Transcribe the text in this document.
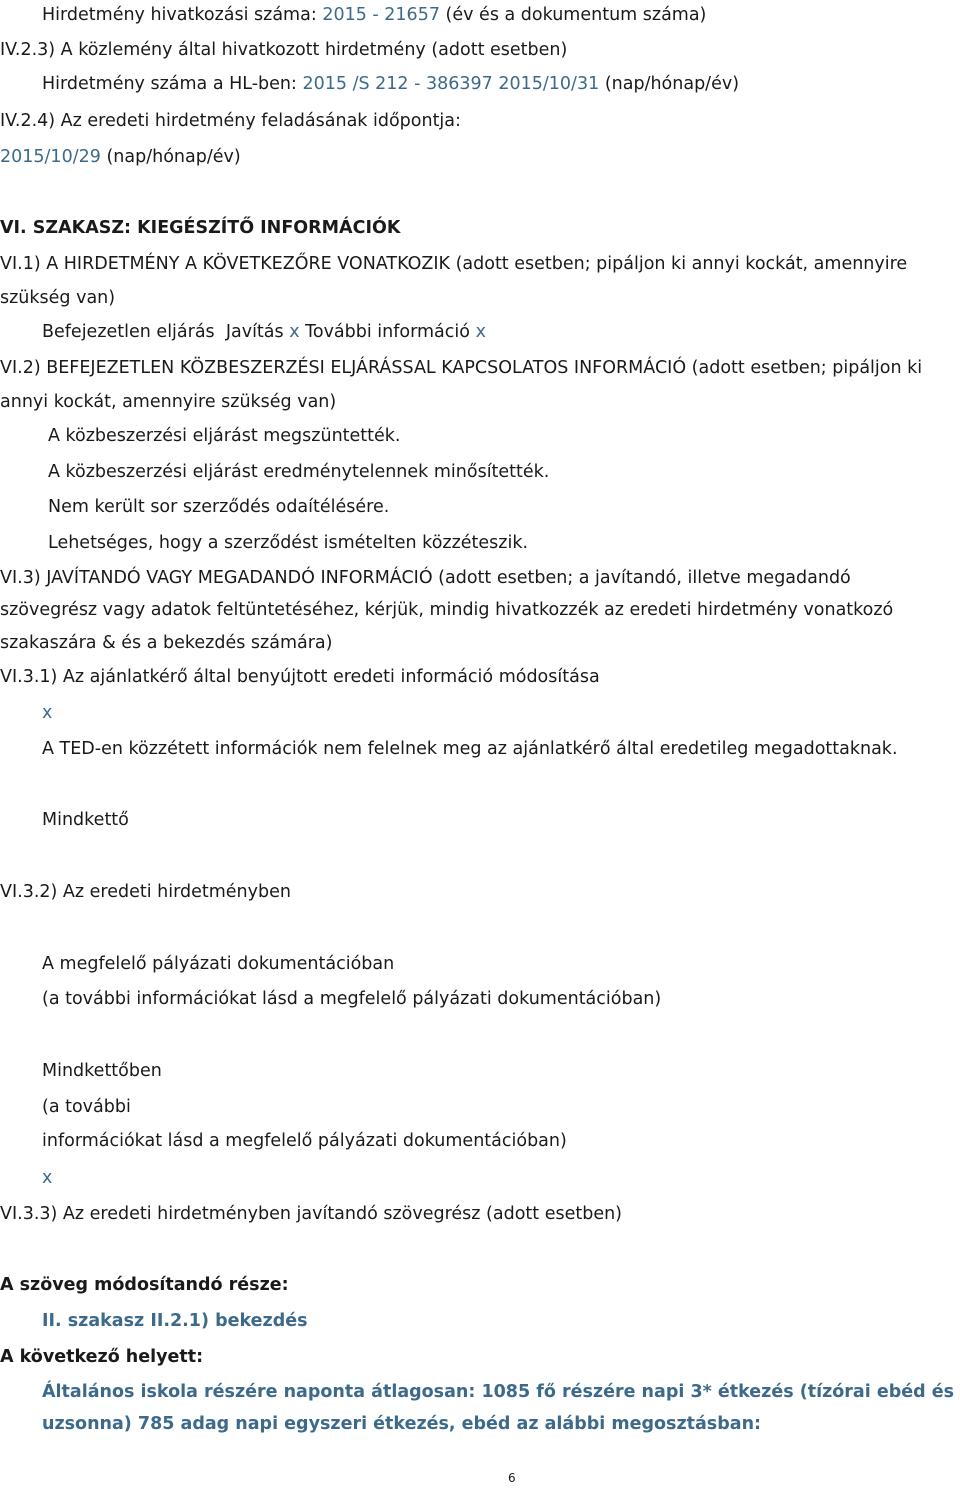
Hirdetmény hivatkozási száma: 2015 - 21657 (év és a dokumentum száma)
IV.2.3) A közlemény által hivatkozott hirdetmény (adott esetben)
Hirdetmény száma a HL-ben: 2015 /S 212 - 386397 2015/10/31 (nap/hónap/év)
IV.2.4) Az eredeti hirdetmény feladásának időpontja:
2015/10/29 (nap/hónap/év)
VI. SZAKASZ: KIEGÉSZÍTŐ INFORMÁCIÓK
VI.1) A HIRDETMÉNY A KÖVETKEZŐRE VONATKOZIK (adott esetben; pipáljon ki annyi kockát, amennyire
szükség van)
Befejezetlen eljárás Javítás x További információ x
VI.2) BEFEJEZETLEN KÖZBESZERZÉSI ELJÁRÁSSAL KAPCSOLATOS INFORMÁCIÓ (adott esetben; pipáljon ki
annyi kockát, amennyire szükség van)
A közbeszerzési eljárást megszüntették.
A közbeszerzési eljárást eredménytelennek minősítették.
Nem került sor szerződés odaítélésére.
Lehetséges, hogy a szerződést ismételten közzéteszik.
VI.3) JAVÍTANDÓ VAGY MEGADANDÓ INFORMÁCIÓ (adott esetben; a javítandó, illetve megadandó
szövegrész vagy adatok feltüntetéséhez, kérjük, mindig hivatkozzék az eredeti hirdetmény vonatkozó
szakaszára & és a bekezdés számára)
VI.3.1) Az ajánlatkérő által benyújtott eredeti információ módosítása
x
A TED-en közzétett információk nem felelnek meg az ajánlatkérő által eredetileg megadottaknak.
Mindkettő
VI.3.2) Az eredeti hirdetményben
A megfelelő pályázati dokumentációban
(a további információkat lásd a megfelelő pályázati dokumentációban)
Mindkettőben
(a további
információkat lásd a megfelelő pályázati dokumentációban)
x
VI.3.3) Az eredeti hirdetményben javítandó szövegrész (adott esetben)
A szöveg módosítandó része:
II. szakasz II.2.1) bekezdés
A következő helyett:
Általános iskola részére naponta átlagosan: 1085 fő részére napi 3* étkezés (tízórai ebéd és
uzsonna) 785 adag napi egyszeri étkezés, ebéd az alábbi megosztásban:
6
